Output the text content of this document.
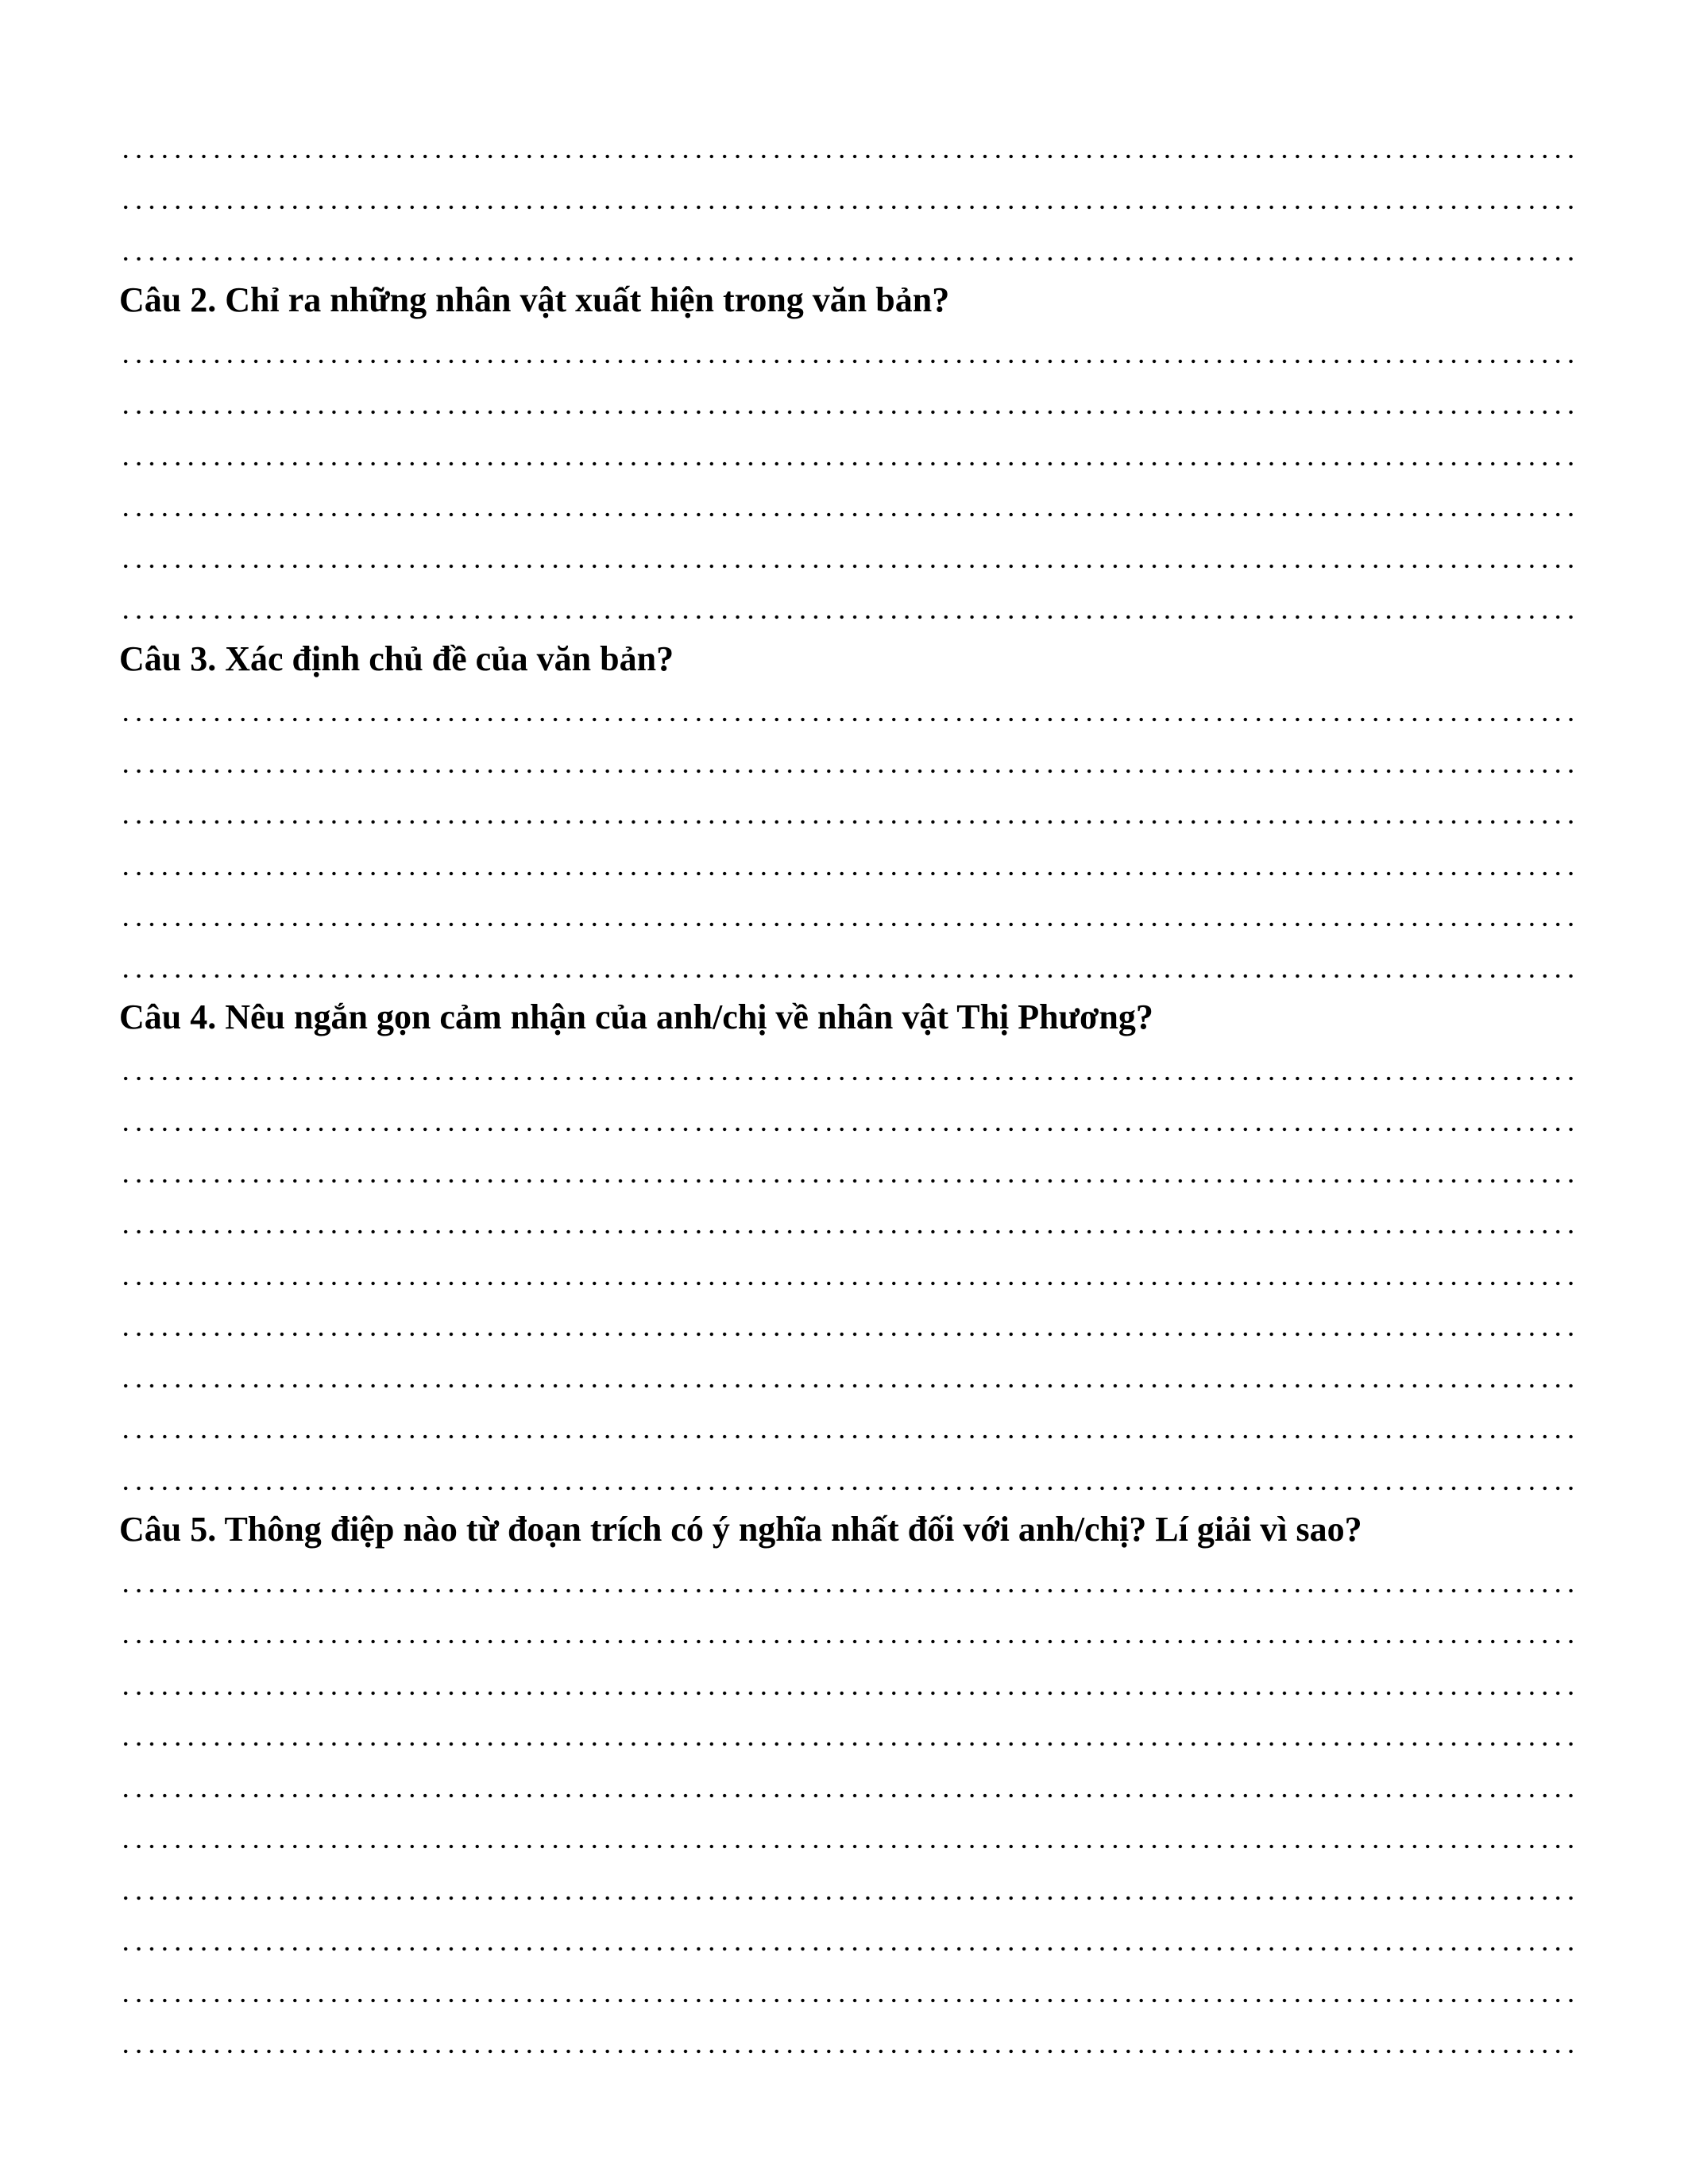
Câu 2. Chỉ ra những nhân vật xuất hiện trong văn bản?
Câu 3. Xác định chủ đề của văn bản?
Câu 4. Nêu ngắn gọn cảm nhận của anh/chị về nhân vật Thị Phương?
Câu 5. Thông điệp nào từ đoạn trích có ý nghĩa nhất đối với anh/chị? Lí giải vì sao?
